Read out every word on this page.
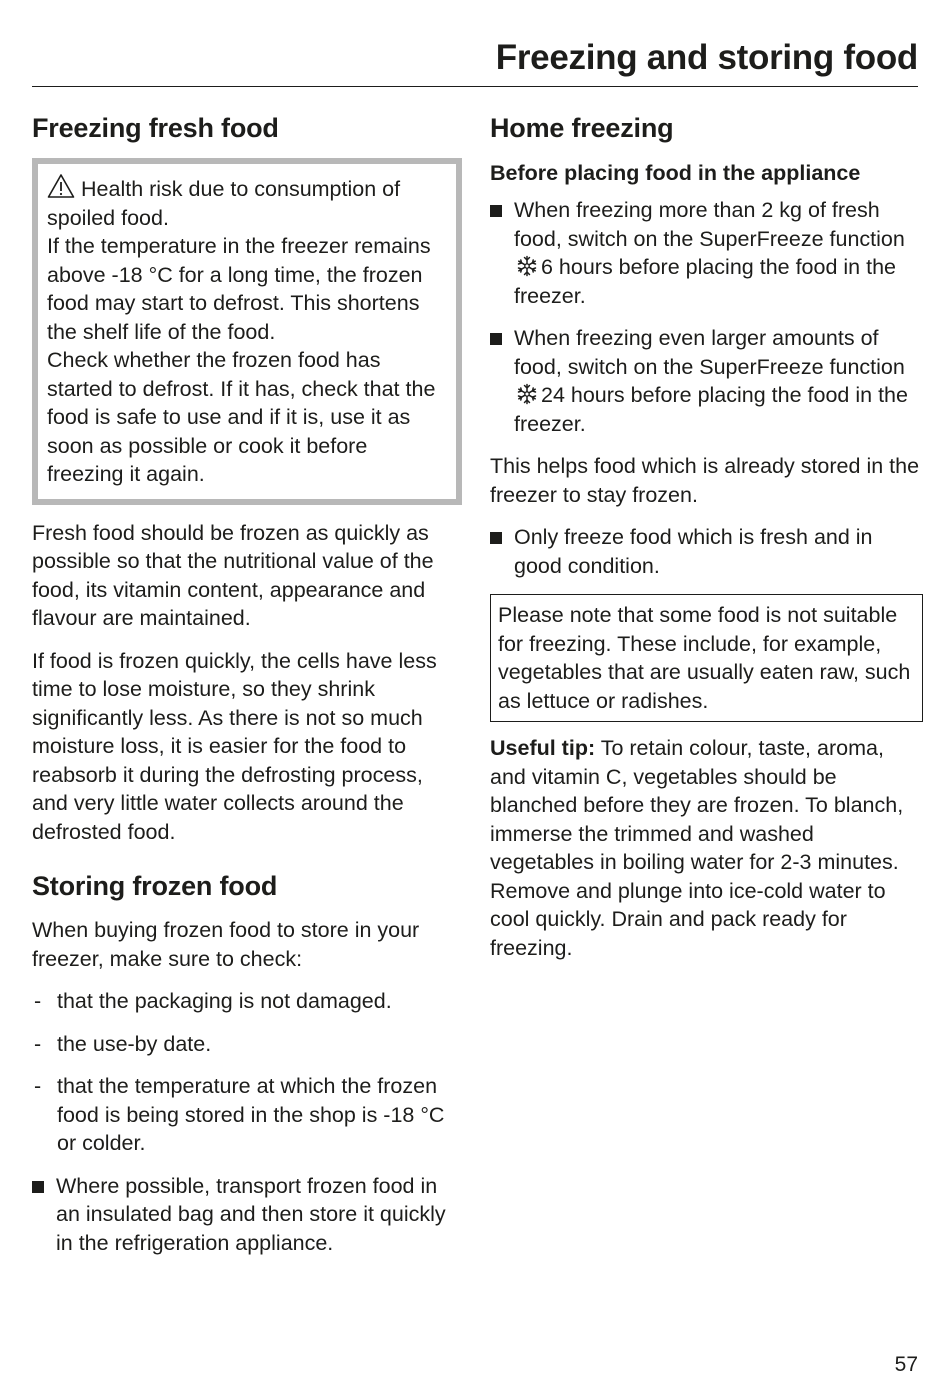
Freezing and storing food
Freezing fresh food

Health risk due to consumption of spoiled food.

If the temperature in the freezer remains above -18 °C for a long time, the frozen food may start to defrost. This shortens the shelf life of the food.

Check whether the frozen food has started to defrost. If it has, check that the food is safe to use and if it is, use it as soon as possible or cook it before freezing it again.

Fresh food should be frozen as quickly as possible so that the nutritional value of the food, its vitamin content, appearance and flavour are maintained.

If food is frozen quickly, the cells have less time to lose moisture, so they shrink significantly less. As there is not so much moisture loss, it is easier for the food to reabsorb it during the defrosting process, and very little water collects around the defrosted food.

Storing frozen food

When buying frozen food to store in your freezer, make sure to check:

- that the packaging is not damaged.
- the use-by date.
- that the temperature at which the frozen food is being stored in the shop is -18 °C or colder.
Where possible, transport frozen food in an insulated bag and then store it quickly in the refrigeration appliance.
Home freezing
Before placing food in the appliance
When freezing more than 2 kg of fresh food, switch on the SuperFreeze function6 hours before placing the food in the freezer.
When freezing even larger amounts of food, switch on the SuperFreeze function24 hours before placing the food in the freezer.

This helps food which is already stored in the freezer to stay frozen.

Only freeze food which is fresh and in good condition.

Please note that some food is not suitable for freezing. These include, for example, vegetables that are usually eaten raw, such as lettuce or radishes.

Useful tip: To retain colour, taste, aroma, and vitamin C, vegetables should be blanched before they are frozen. To blanch, immerse the trimmed and washed vegetables in boiling water for 2-3 minutes. Remove and plunge into ice-cold water to cool quickly. Drain and pack ready for freezing.

57
